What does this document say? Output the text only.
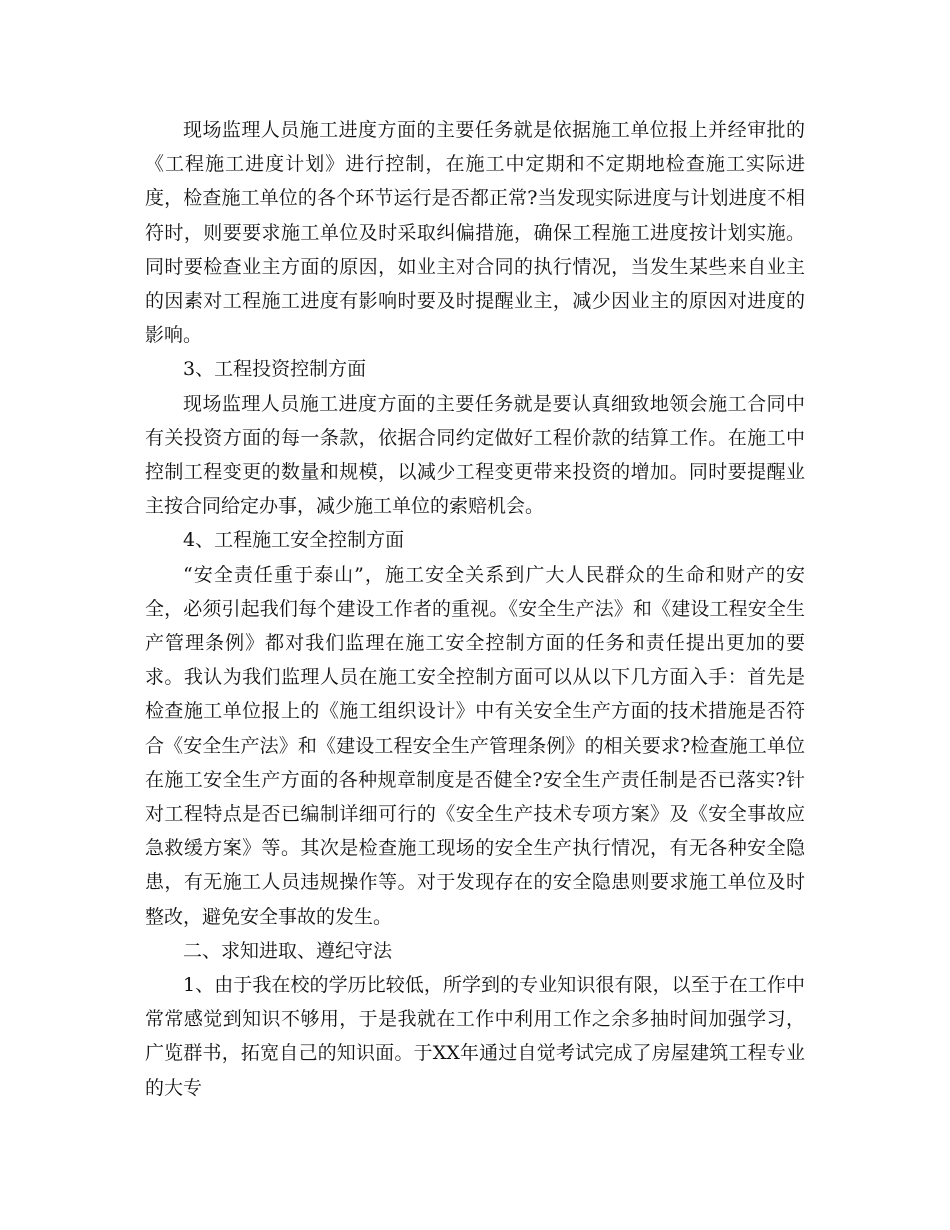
现场监理人员施工进度方面的主要任务就是依据施工单位报上并经审批的《工程施工进度计划》进行控制，在施工中定期和不定期地检查施工实际进度，检查施工单位的各个环节运行是否都正常?当发现实际进度与计划进度不相符时，则要要求施工单位及时采取纠偏措施，确保工程施工进度按计划实施。同时要检查业主方面的原因，如业主对合同的执行情况，当发生某些来自业主的因素对工程施工进度有影响时要及时提醒业主，减少因业主的原因对进度的影响。

3、工程投资控制方面

现场监理人员施工进度方面的主要任务就是要认真细致地领会施工合同中有关投资方面的每一条款，依据合同约定做好工程价款的结算工作。在施工中控制工程变更的数量和规模，以减少工程变更带来投资的增加。同时要提醒业主按合同给定办事，减少施工单位的索赔机会。

4、工程施工安全控制方面

“安全责任重于泰山”，施工安全关系到广大人民群众的生命和财产的安全，必须引起我们每个建设工作者的重视。《安全生产法》和《建设工程安全生产管理条例》都对我们监理在施工安全控制方面的任务和责任提出更加的要求。我认为我们监理人员在施工安全控制方面可以从以下几方面入手：首先是检查施工单位报上的《施工组织设计》中有关安全生产方面的技术措施是否符合《安全生产法》和《建设工程安全生产管理条例》的相关要求?检查施工单位在施工安全生产方面的各种规章制度是否健全?安全生产责任制是否已落实?针对工程特点是否已编制详细可行的《安全生产技术专项方案》及《安全事故应急救缓方案》等。其次是检查施工现场的安全生产执行情况，有无各种安全隐患，有无施工人员违规操作等。对于发现存在的安全隐患则要求施工单位及时整改，避免安全事故的发生。

二、求知进取、遵纪守法

1、由于我在校的学历比较低，所学到的专业知识很有限，以至于在工作中常常感觉到知识不够用，于是我就在工作中利用工作之余多抽时间加强学习，广览群书，拓宽自己的知识面。于XX年通过自觉考试完成了房屋建筑工程专业的大专
